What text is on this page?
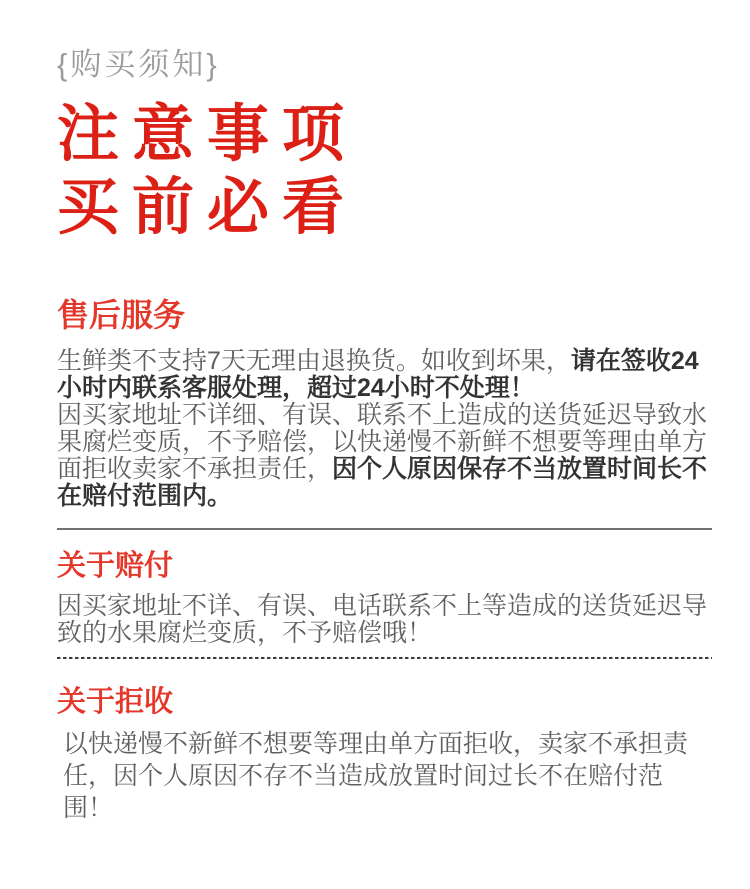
{购买须知}
注意事项
买前必看
售后服务

生鲜类不支持7天无理由退换货。如收到坏果，请在签收24小时内联系客服处理，超过24小时不处理！

因买家地址不详细、有误、联系不上造成的送货延迟导致水果腐烂变质，不予赔偿，以快递慢不新鲜不想要等理由单方面拒收卖家不承担责任，因个人原因保存不当放置时间长不在赔付范围内。

关于赔付

因买家地址不详、有误、电话联系不上等造成的送货延迟导致的水果腐烂变质，不予赔偿哦！

关于拒收

以快递慢不新鲜不想要等理由单方面拒收，卖家不承担责任，因个人原因不存不当造成放置时间过长不在赔付范围！
